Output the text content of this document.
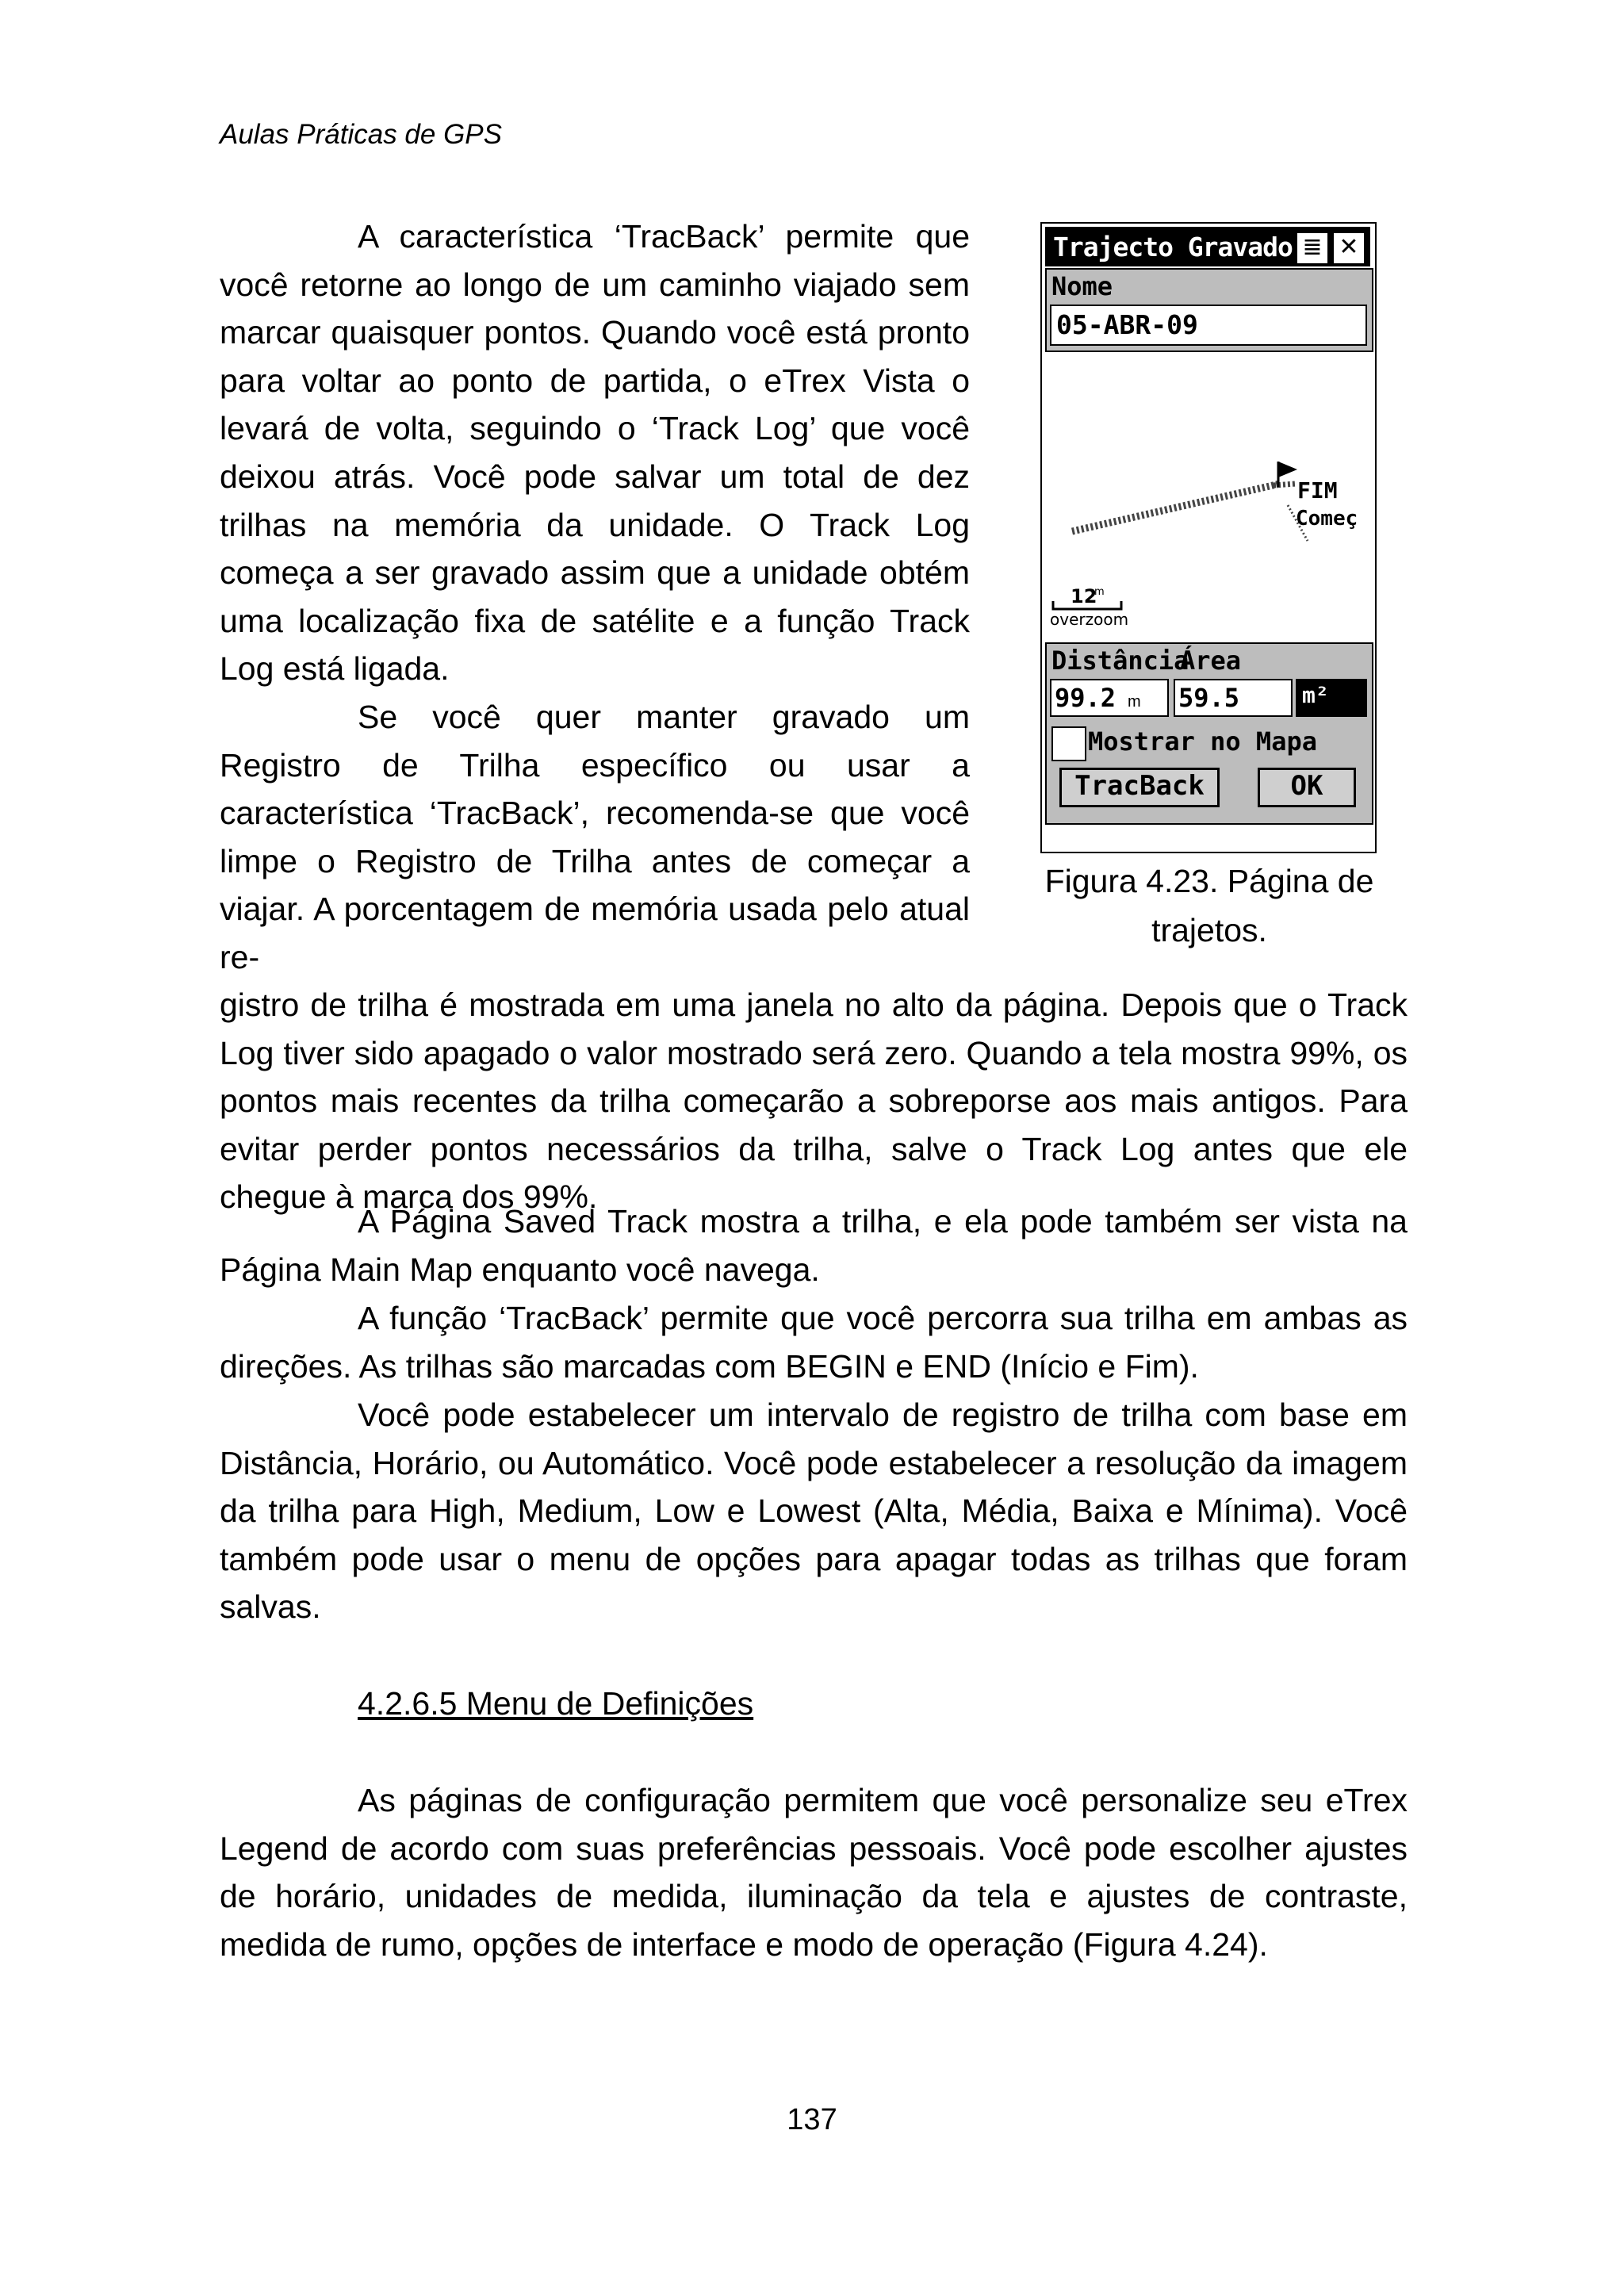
Aulas Práticas de GPS

A característica ‘TracBack’ permite que você retorne ao longo de um caminho viajado sem marcar quaisquer pontos. Quando você está pronto para voltar ao ponto de partida, o eTrex Vista o levará de volta, seguindo o ‘Track Log’ que você deixou atrás. Você pode salvar um total de dez trilhas na memória da unidade. O Track Log começa a ser gravado assim que a unidade obtém uma localização fixa de satélite e a função Track Log está ligada.

Se você quer manter gravado um Registro de Trilha específico ou usar a característica ‘TracBack’, recomenda-se que você limpe o Registro de Trilha antes de começar a viajar. A porcentagem de memória usada pelo atual re-

gistro de trilha é mostrada em uma janela no alto da página. Depois que o Track Log tiver sido apagado o valor mostrado será zero. Quando a tela mostra 99%, os pontos mais recentes da trilha começarão a sobreporse aos mais antigos. Para evitar perder pontos necessários da trilha, salve o Track Log antes que ele chegue à marca dos 99%.

A Página Saved Track mostra a trilha, e ela pode também ser vista na Página Main Map enquanto você navega.

A função ‘TracBack’ permite que você percorra sua trilha em ambas as direções. As trilhas são marcadas com BEGIN e END (Início e Fim).

Você pode estabelecer um intervalo de registro de trilha com base em Distância, Horário, ou Automático. Você pode estabelecer a resolução da imagem da trilha para High, Medium, Low e Lowest (Alta, Média, Baixa e Mínima). Você também pode usar o menu de opções para apagar todas as trilhas que foram salvas.

4.2.6.5 Menu de Definições

As páginas de configuração permitem que você personalize seu eTrex Legend de acordo com suas preferências pessoais. Você pode escolher ajustes de horário, unidades de medida, iluminação da tela e ajustes de contraste, medida de rumo, opções de interface e modo de operação (Figura 4.24).

Trajecto Gravado ≣ ✕
Nome
05-ABR-09
FIM
Começ
12
m
overzoom
Distância
Área
99.2 m 59.5	m²
Mostrar no Mapa
TracBack	OK
Figura 4.23. Página de trajetos.
137
